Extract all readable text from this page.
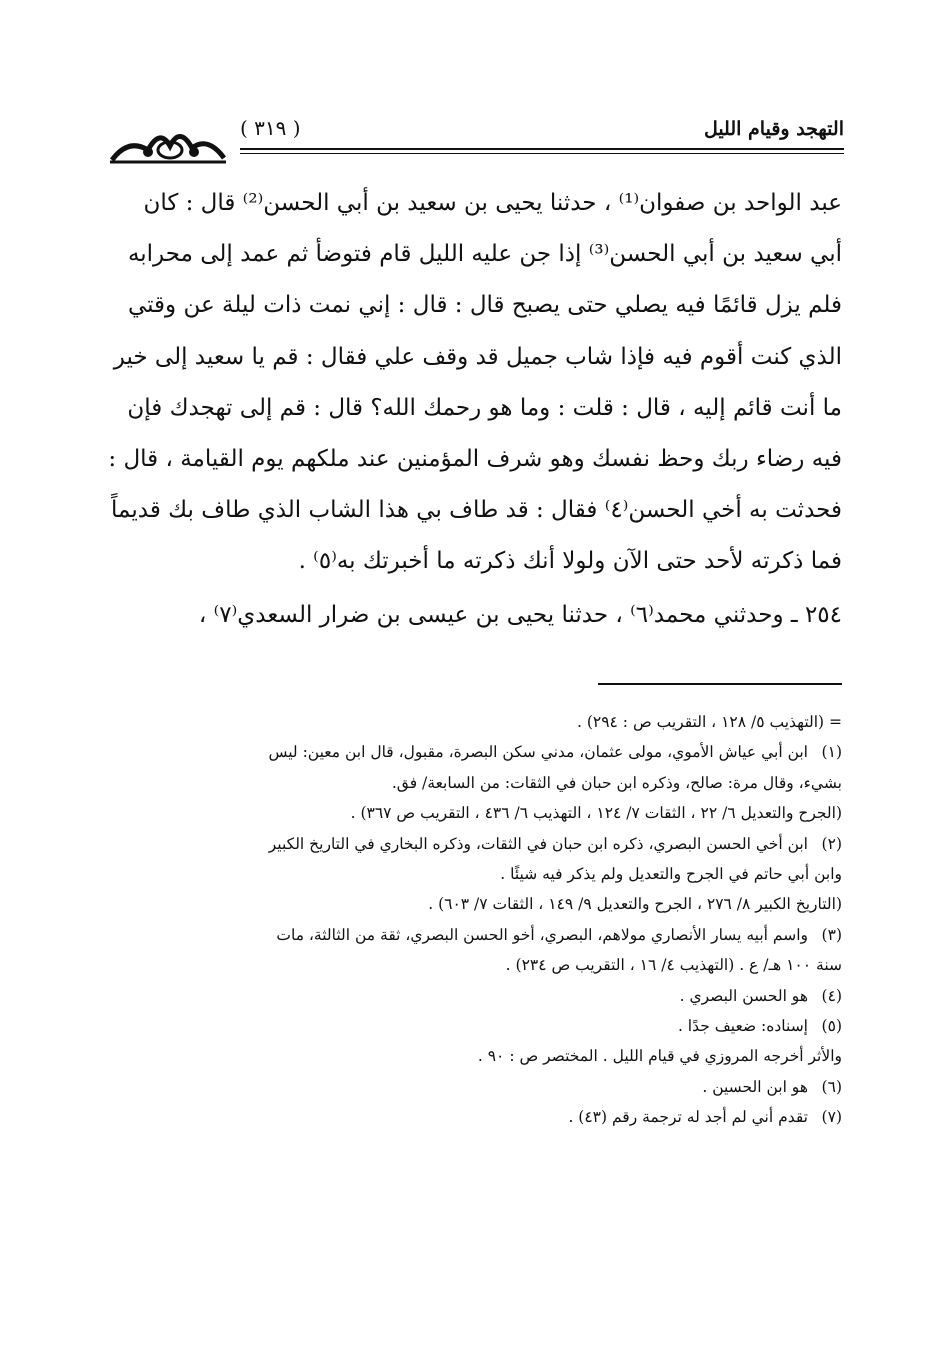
( ٣١٩ )	التهجد وقيام الليل

عبد الواحد بن صفوان⁽¹⁾ ، حدثنا يحيى بن سعيد بن أبي الحسن⁽²⁾ قال : كان

أبي سعيد بن أبي الحسن⁽³⁾ إذا جن عليه الليل قام فتوضأ ثم عمد إلى محرابه

فلم يزل قائمًا فيه يصلي حتى يصبح قال : قال : إني نمت ذات ليلة عن وقتي

الذي كنت أقوم فيه فإذا شاب جميل قد وقف علي فقال : قم يا سعيد إلى خير

ما أنت قائم إليه ، قال : قلت : وما هو رحمك الله؟ قال : قم إلى تهجدك فإن

فيه رضاء ربك وحظ نفسك وهو شرف المؤمنين عند ملكهم يوم القيامة ، قال :

فحدثت به أخي الحسن⁽٤⁾ فقال : قد طاف بي هذا الشاب الذي طاف بك قديماً

فما ذكرته لأحد حتى الآن ولولا أنك ذكرته ما أخبرتك به⁽٥⁾ .

٢٥٤ ـ وحدثني محمد⁽٦⁾ ، حدثنا يحيى بن عيسى بن ضرار السعدي⁽٧⁾ ،

= (التهذيب ٥/ ١٢٨ ، التقريب ص : ٢٩٤) .
(١)ابن أبي عياش الأموي، مولى عثمان، مدني سكن البصرة، مقبول، قال ابن معين: ليس
بشيء، وقال مرة: صالح، وذكره ابن حبان في الثقات: من السابعة/ فق.
(الجرح والتعديل ٦/ ٢٢ ، الثقات ٧/ ١٢٤ ، التهذيب ٦/ ٤٣٦ ، التقريب ص ٣٦٧) .
(٢)ابن أخي الحسن البصري، ذكره ابن حبان في الثقات، وذكره البخاري في التاريخ الكبير
وابن أبي حاتم في الجرح والتعديل ولم يذكر فيه شيئًا .
(التاريخ الكبير ٨/ ٢٧٦ ، الجرح والتعديل ٩/ ١٤٩ ، الثقات ٧/ ٦٠٣) .
(٣)واسم أبيه يسار الأنصاري مولاهم، البصري، أخو الحسن البصري، ثقة من الثالثة، مات
سنة ١٠٠ هـ/ ع . (التهذيب ٤/ ١٦ ، التقريب ص ٢٣٤) .
(٤)هو الحسن البصري .
(٥)إسناده: ضعيف جدًا .
والأثر أخرجه المروزي في قيام الليل . المختصر ص : ٩٠ .
(٦)هو ابن الحسين .
(٧)تقدم أني لم أجد له ترجمة رقم (٤٣) .
